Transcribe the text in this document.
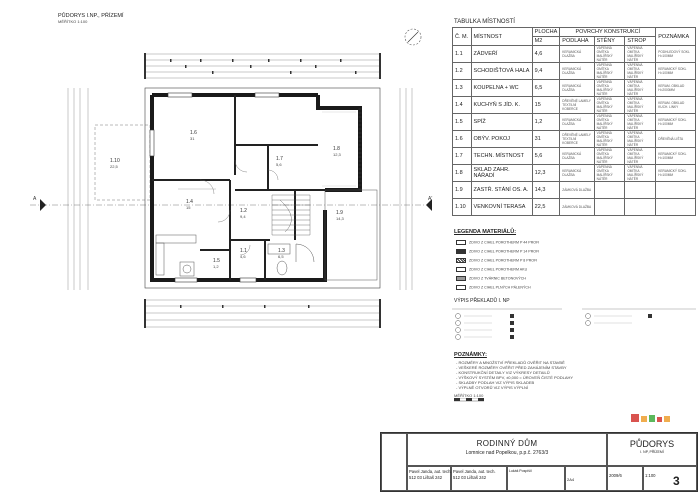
PŮDORYS I.NP., PŘÍZEMÍ
MĚŘÍTKO 1:100
1.6
31
1.7
5,6
1.8
12,3
1.4
15
1.2
9,4
1.1
4,6
1.3
6,5
1.5
1,2
1.9
14,3
1.10
22,5
A	A'
TABULKA MÍSTNOSTÍ
Č. M.	MÍSTNOST	PLOCHA	POVRCHY KONSTRUKCÍ			POZNÁMKA
		M2	PODLAHA	STĚNY	STROP	
1.1	ZÁDVEŘÍ	4,6	KERAMICKÁ DLAŽBA	VÁPENNÁ OMÍTKA MALÍŘSKÝ NÁTĚR	VÁPENNÁ OMÍTKA MALÍŘSKÝ NÁTĚR	PODHLEDOVÝ SOKL H=100MM
1.2	SCHODIŠŤOVÁ HALA	9,4	KERAMICKÁ DLAŽBA	VÁPENNÁ OMÍTKA MALÍŘSKÝ NÁTĚR	VÁPENNÁ OMÍTKA MALÍŘSKÝ NÁTĚR	KERAMICKÝ SOKL H=100MM
1.3	KOUPELNA + WC	6,5	KERAMICKÁ DLAŽBA	VÁPENNÁ OMÍTKA MALÍŘSKÝ NÁTĚR	VÁPENNÁ OMÍTKA MALÍŘSKÝ NÁTĚR	KERAM. OBKLAD H=2000MM
1.4	KUCHYŇ S JÍD. K.	15	DŘEVĚNÉ LAMELY TEXTILNÍ KOBERCE	VÁPENNÁ OMÍTKA MALÍŘSKÝ NÁTĚR	VÁPENNÁ OMÍTKA MALÍŘSKÝ NÁTĚR	KERAM. OBKLAD KUCH. LINKY
1.5	SPÍŽ	1,2	KERAMICKÁ DLAŽBA	VÁPENNÁ OMÍTKA MALÍŘSKÝ NÁTĚR	VÁPENNÁ OMÍTKA MALÍŘSKÝ NÁTĚR	KERAMICKÝ SOKL H=100MM
1.6	OBÝV. POKOJ	31	DŘEVĚNÉ LAMELY TEXTILNÍ KOBERCE	VÁPENNÁ OMÍTKA MALÍŘSKÝ NÁTĚR	VÁPENNÁ OMÍTKA MALÍŘSKÝ NÁTĚR	DŘEVĚNÁ LIŠTA
1.7	TECHN. MÍSTNOST	5,6	KERAMICKÁ DLAŽBA	VÁPENNÁ OMÍTKA MALÍŘSKÝ NÁTĚR	VÁPENNÁ OMÍTKA MALÍŘSKÝ NÁTĚR	KERAMICKÝ SOKL H=100MM
1.8	SKLAD ZAHR. NÁŘADÍ	12,3	KERAMICKÁ DLAŽBA	VÁPENNÁ OMÍTKA MALÍŘSKÝ NÁTĚR	VÁPENNÁ OMÍTKA MALÍŘSKÝ NÁTĚR	KERAMICKÝ SOKL H=100MM
1.9	ZASTŘ. STÁNÍ OS. A.	14,3	ZÁMKOVÁ DLAŽBA			
1.10	VENKOVNÍ TERASA	22,5	ZÁMKOVÁ DLAŽBA			
LEGENDA MATERIÁLŮ:
ZDIVO Z CIHEL POROTHERM P 44 PROFI
ZDIVO Z CIHEL POROTHERM P 14 PROFI
ZDIVO Z CIHEL POROTHERM P 8 PROFI
ZDIVO Z CIHEL POROTHERM AKU
ZDIVO Z TVÁRNIC BETONOVÝCH
ZDIVO Z CIHEL PLNÝCH PÁLENÝCH
VÝPIS PŘEKLADŮ I. NP
POZNÁMKY:
- ROZMĚRY A MNOŽSTVÍ PŘEKLADŮ OVĚŘIT NA STAVBĚ
- VEŠKERÉ ROZMĚRY OVĚŘIT PŘED ZAHÁJENÍM STAVBY
- KONSTRUKČNÍ DETAILY VIZ VÝKRESY DETAILŮ
- VÝŠKOVÝ SYSTÉM BPV, ±0,000 = ÚROVEŇ ČISTÉ PODLAHY
- SKLADBY PODLAH VIZ VÝPIS SKLADEB
- VÝPLNĚ OTVORŮ VIZ VÝPIS VÝPLNÍ
MĚŘÍTKO 1:100
RODINNÝ DŮM
Lomnice nad Popelkou, p.p.č. 2763/3
PŮDORYS
I. NP, PŘÍZEMÍ
Pavel Janda, aut. tech.
512 03 Lištaš 242
Pavel Janda, aut. tech.
512 03 Lištaš 242
Lukáš Pospíšil
2A4
2009/6	1:100 3
